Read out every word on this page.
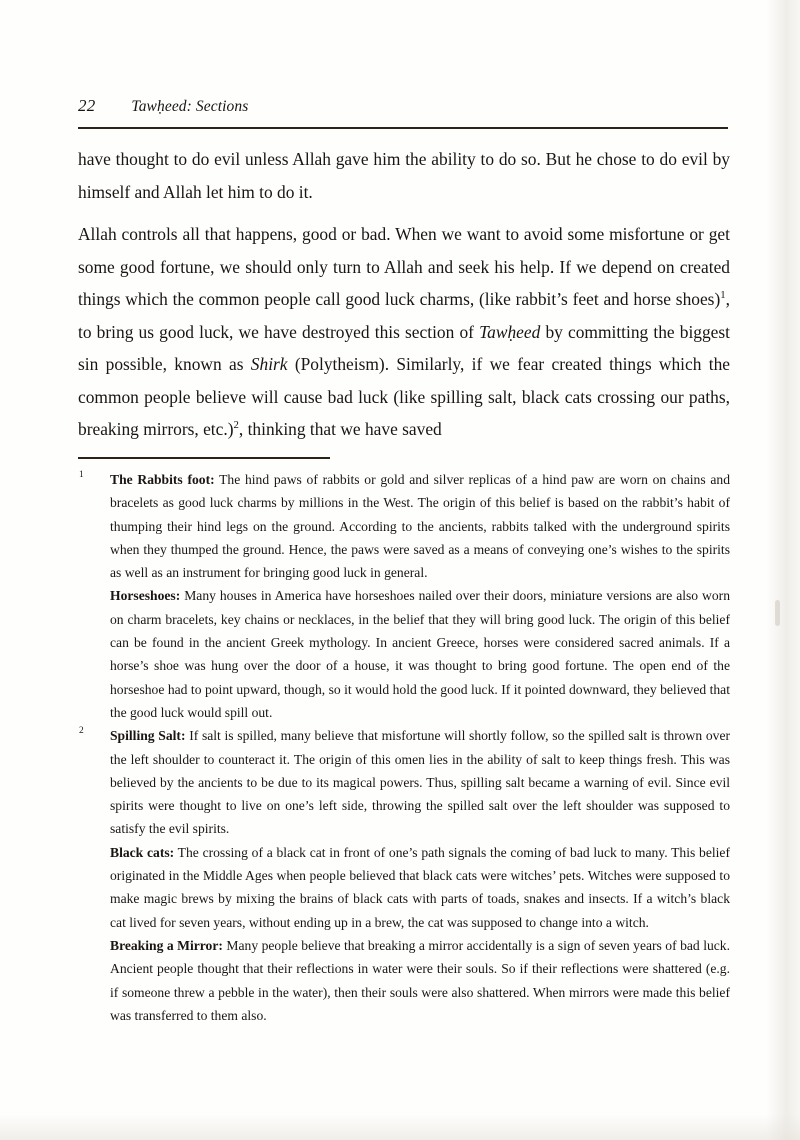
22 Tawḥeed: Sections

have thought to do evil unless Allah gave him the ability to do so. But he chose to do evil by himself and Allah let him to do it.

Allah controls all that happens, good or bad. When we want to avoid some misfortune or get some good fortune, we should only turn to Allah and seek his help. If we depend on created things which the common people call good luck charms, (like rabbit’s feet and horse shoes)$^1$, to bring us good luck, we have destroyed this section of Tawḥeed by committing the biggest sin possible, known as Shirk (Polytheism). Similarly, if we fear created things which the common people believe will cause bad luck (like spilling salt, black cats crossing our paths, breaking mirrors, etc.)$^2$, thinking that we have saved

1 The Rabbits foot: The hind paws of rabbits or gold and silver replicas of a hind paw are worn on chains and bracelets as good luck charms by millions in the West. The origin of this belief is based on the rabbit’s habit of thumping their hind legs on the ground. According to the ancients, rabbits talked with the underground spirits when they thumped the ground. Hence, the paws were saved as a means of conveying one’s wishes to the spirits as well as an instrument for bringing good luck in general.

Horseshoes: Many houses in America have horseshoes nailed over their doors, miniature versions are also worn on charm bracelets, key chains or necklaces, in the belief that they will bring good luck. The origin of this belief can be found in the ancient Greek mythology. In ancient Greece, horses were considered sacred animals. If a horse’s shoe was hung over the door of a house, it was thought to bring good fortune. The open end of the horseshoe had to point upward, though, so it would hold the good luck. If it pointed downward, they believed that the good luck would spill out.

2 Spilling Salt: If salt is spilled, many believe that misfortune will shortly follow, so the spilled salt is thrown over the left shoulder to counteract it. The origin of this omen lies in the ability of salt to keep things fresh. This was believed by the ancients to be due to its magical powers. Thus, spilling salt became a warning of evil. Since evil spirits were thought to live on one’s left side, throwing the spilled salt over the left shoulder was supposed to satisfy the evil spirits.

Black cats: The crossing of a black cat in front of one’s path signals the coming of bad luck to many. This belief originated in the Middle Ages when people believed that black cats were witches’ pets. Witches were supposed to make magic brews by mixing the brains of black cats with parts of toads, snakes and insects. If a witch’s black cat lived for seven years, without ending up in a brew, the cat was supposed to change into a witch.

Breaking a Mirror: Many people believe that breaking a mirror accidentally is a sign of seven years of bad luck. Ancient people thought that their reflections in water were their souls. So if their reflections were shattered (e.g. if someone threw a pebble in the water), then their souls were also shattered. When mirrors were made this belief was transferred to them also.
